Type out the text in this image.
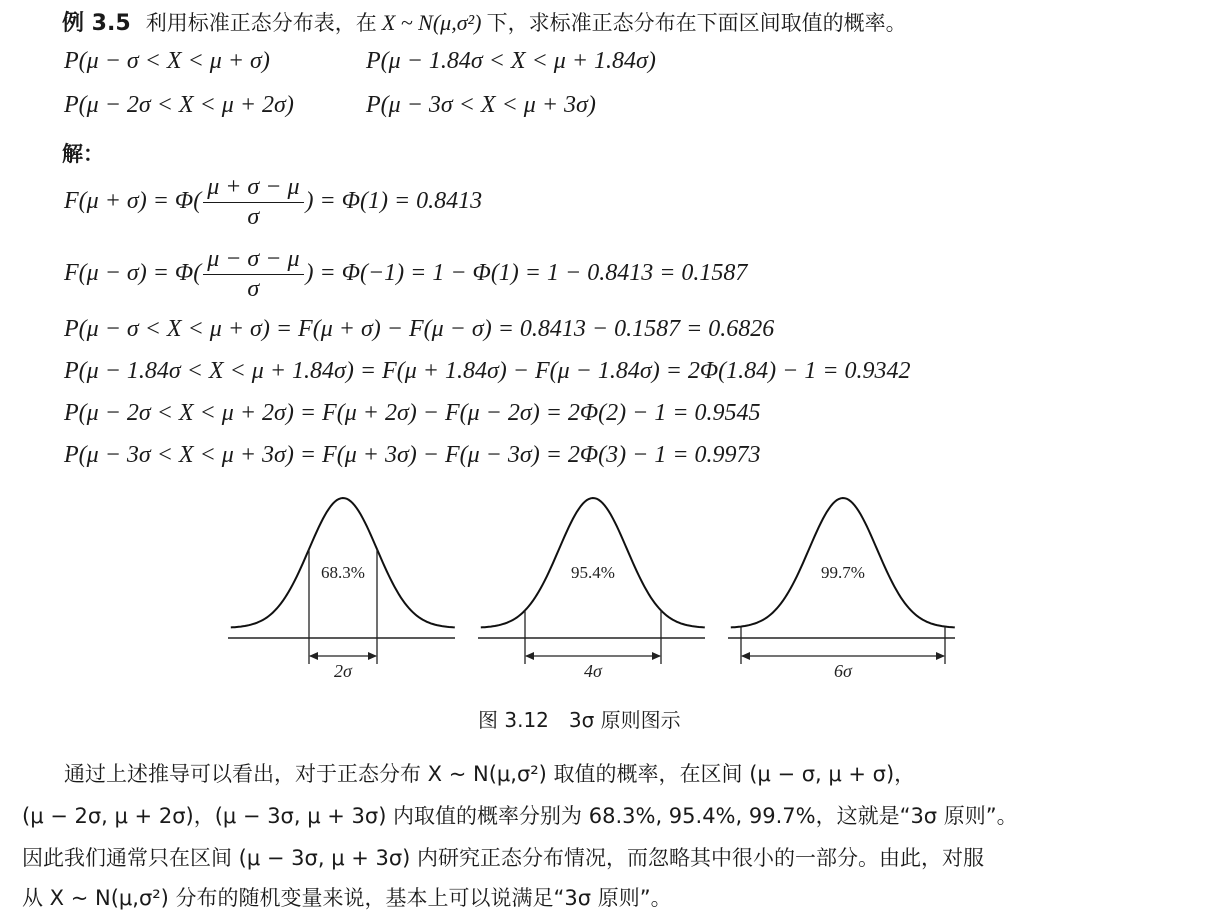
例 3.5 利用标准正态分布表，在 X ~ N(μ,σ²) 下，求标准正态分布在下面区间取值的概率。
P(μ − σ < X < μ + σ)	P(μ − 1.84σ < X < μ + 1.84σ)
P(μ − 2σ < X < μ + 2σ)	P(μ − 3σ < X < μ + 3σ)
解：
$F(\mu + \sigma) = \Phi( \frac{\mu + \sigma - \mu}{\sigma}$ ) = Φ(1) = 0.8413
$F(\mu - \sigma) = \Phi( \frac{\mu - \sigma - \mu}{\sigma}$ ) = Φ(−1) = 1 − Φ(1) = 1 − 0.8413 = 0.1587
P(μ − σ < X < μ + σ) = F(μ + σ) − F(μ − σ) = 0.8413 − 0.1587 = 0.6826
P(μ − 1.84σ < X < μ + 1.84σ) = F(μ + 1.84σ) − F(μ − 1.84σ) = 2Φ(1.84) − 1 = 0.9342
P(μ − 2σ < X < μ + 2σ) = F(μ + 2σ) − F(μ − 2σ) = 2Φ(2) − 1 = 0.9545
P(μ − 3σ < X < μ + 3σ) = F(μ + 3σ) − F(μ − 3σ) = 2Φ(3) − 1 = 0.9973
68.3%
2σ
95.4%
4σ
99.7%
6σ
图 3.12　3σ 原则图示
通过上述推导可以看出，对于正态分布 X ~ N(μ,σ²) 取值的概率，在区间 (μ − σ, μ + σ)，
(μ − 2σ, μ + 2σ)，(μ − 3σ, μ + 3σ) 内取值的概率分别为 68.3%, 95.4%, 99.7%，这就是“3σ 原则”。
因此我们通常只在区间 (μ − 3σ, μ + 3σ) 内研究正态分布情况，而忽略其中很小的一部分。由此，对服
从 X ~ N(μ,σ²) 分布的随机变量来说，基本上可以说满足“3σ 原则”。
